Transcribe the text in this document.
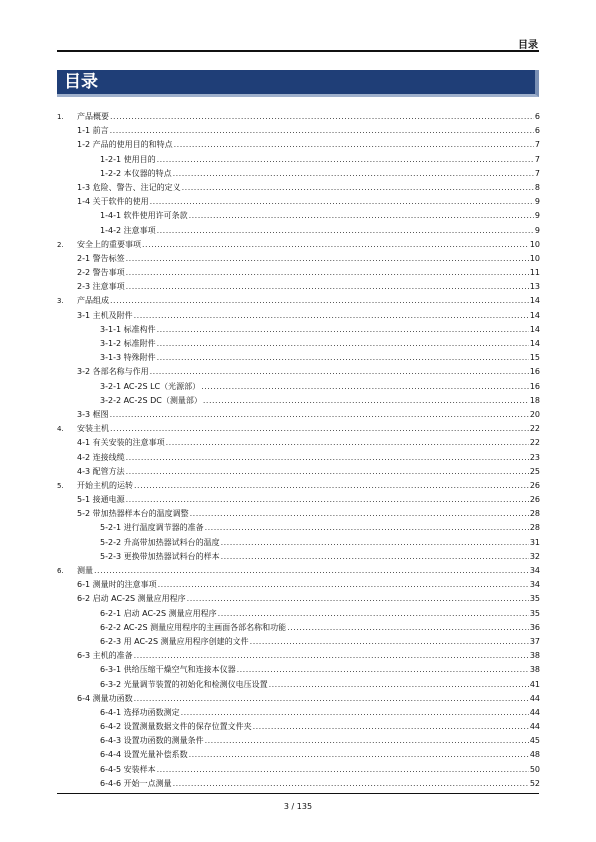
目录
目录
1. 产品概要 .....	6
1-1 前言 .....	6
1-2 产品的使用目的和特点 .....	7
1-2-1 使用目的 .....	7
1-2-2 本仪器的特点 .....	7
1-3 危险、警告、注记的定义 .....	8
1-4 关于软件的使用 .....	9
1-4-1 软件使用许可条款 .....	9
1-4-2 注意事项 .....	9
2. 安全上的重要事项 .....	10
2-1 警告标签 .....	10
2-2 警告事项 .....	11
2-3 注意事项 .....	13
3. 产品组成 .....	14
3-1 主机及附件 .....	14
3-1-1 标准构件 .....	14
3-1-2 标准附件 .....	14
3-1-3 特殊附件 .....	15
3-2 各部名称与作用 .....	16
3-2-1 AC-2S LC（光源部） .....	16
3-2-2 AC-2S DC（测量部） .....	18
3-3 框图 .....	20
4. 安装主机 .....	22
4-1 有关安装的注意事项 .....	22
4-2 连接线缆 .....	23
4-3 配管方法 .....	25
5. 开始主机的运转 .....	26
5-1 接通电源 .....	26
5-2 带加热器样本台的温度调整 .....	28
5-2-1 进行温度调节器的准备 .....	28
5-2-2 升高带加热器试料台的温度 .....	31
5-2-3 更换带加热器试料台的样本 .....	32
6. 测量 .....	34
6-1 测量时的注意事项 .....	34
6-2 启动 AC-2S 测量应用程序 .....	35
6-2-1 启动 AC-2S 测量应用程序 .....	35
6-2-2 AC-2S 测量应用程序的主画面各部名称和功能 .....	36
6-2-3 用 AC-2S 测量应用程序创建的文件 .....	37
6-3 主机的准备 .....	38
6-3-1 供给压缩干燥空气和连接本仪器 .....	38
6-3-2 光量调节装置的初始化和检测仪电压设置 .....	41
6-4 测量功函数 .....	44
6-4-1 选择功函数测定 .....	44
6-4-2 设置测量数据文件的保存位置文件夹 .....	44
6-4-3 设置功函数的测量条件 .....	45
6-4-4 设置光量补偿系数 .....	48
6-4-5 安装样本 .....	50
6-4-6 开始一点测量 .....	52
3 / 135
